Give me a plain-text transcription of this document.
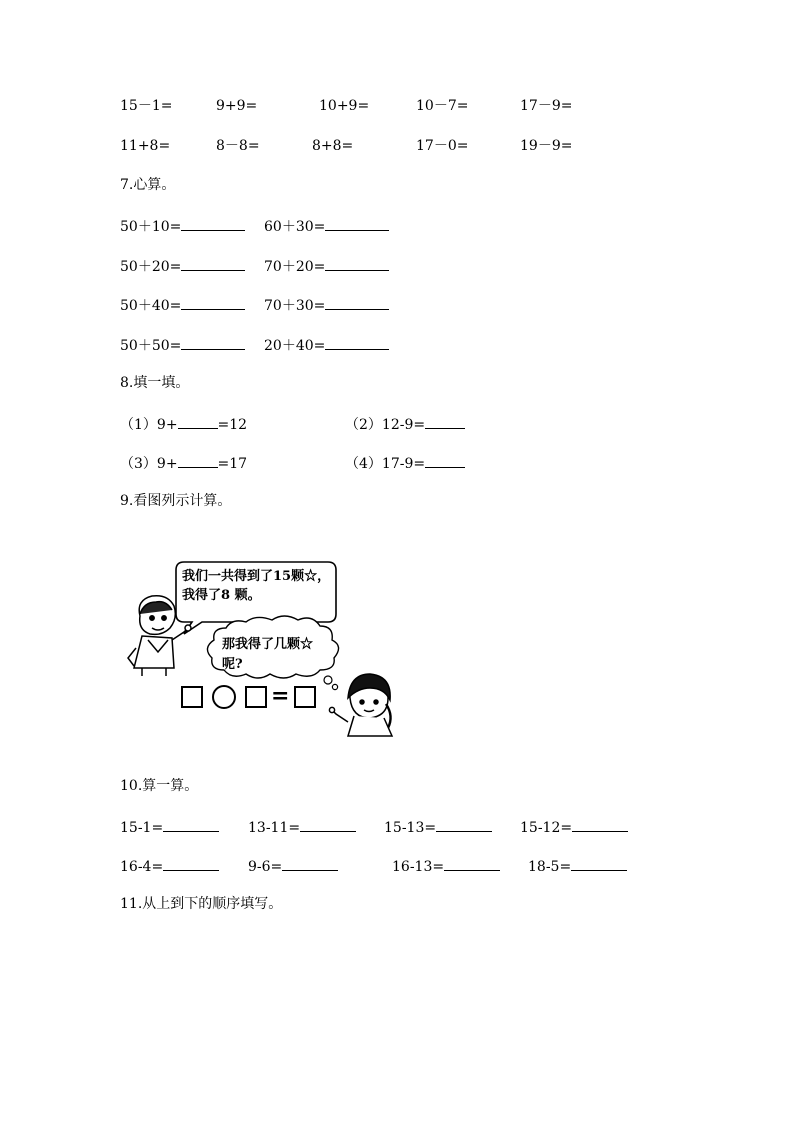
15－1=	9+9=	10+9=	10－7=	17－9=
11+8=	8－8=	8+8=	17－0=	19－9=
7.心算。
50＋10=	60＋30=
50＋20=	70＋20=
50＋40=	70＋30=
50＋50=	20＋40=
8.填一填。
（1）9+	=12	（2）12-9=
（3）9+	=17	（4）17-9=
9.看图列示计算。
我们一共得到了15颗☆，
我得了8 颗。
那我得了几颗☆
呢?
=
10.算一算。
15-1=	13-11=	15-13=	15-12=
16-4=	9-6=	16-13=	18-5=
11.从上到下的顺序填写。
